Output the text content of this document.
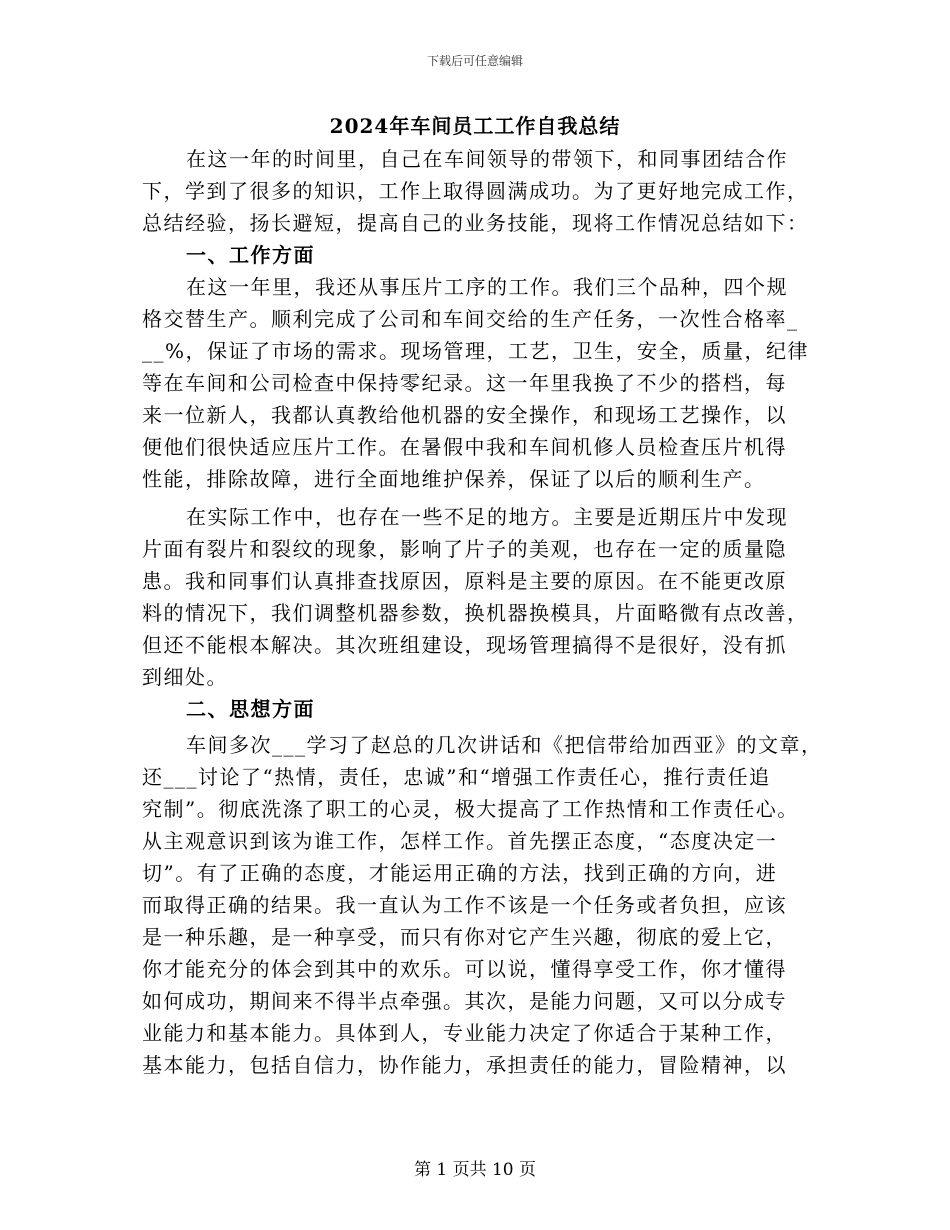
下载后可任意编辑
2024年车间员工工作自我总结
在这一年的时间里，自己在车间领导的带领下，和同事团结合作
下，学到了很多的知识，工作上取得圆满成功。为了更好地完成工作，
总结经验，扬长避短，提高自己的业务技能，现将工作情况总结如下：
一、工作方面
在这一年里，我还从事压片工序的工作。我们三个品种，四个规
格交替生产。顺利完成了公司和车间交给的生产任务，一次性合格率_
__%，保证了市场的需求。现场管理，工艺，卫生，安全，质量，纪律
等在车间和公司检查中保持零纪录。这一年里我换了不少的搭档，每
来一位新人，我都认真教给他机器的安全操作，和现场工艺操作，以
便他们很快适应压片工作。在暑假中我和车间机修人员检查压片机得
性能，排除故障，进行全面地维护保养，保证了以后的顺利生产。
在实际工作中，也存在一些不足的地方。主要是近期压片中发现
片面有裂片和裂纹的现象，影响了片子的美观，也存在一定的质量隐
患。我和同事们认真排查找原因，原料是主要的原因。在不能更改原
料的情况下，我们调整机器参数，换机器换模具，片面略微有点改善，
但还不能根本解决。其次班组建设，现场管理搞得不是很好，没有抓
到细处。
二、思想方面
车间多次___学习了赵总的几次讲话和《把信带给加西亚》的文章，
还___讨论了“热情，责任，忠诚”和“增强工作责任心，推行责任追
究制”。彻底洗涤了职工的心灵，极大提高了工作热情和工作责任心。
从主观意识到该为谁工作，怎样工作。首先摆正态度，“态度决定一
切”。有了正确的态度，才能运用正确的方法，找到正确的方向，进
而取得正确的结果。我一直认为工作不该是一个任务或者负担，应该
是一种乐趣，是一种享受，而只有你对它产生兴趣，彻底的爱上它，
你才能充分的体会到其中的欢乐。可以说，懂得享受工作，你才懂得
如何成功，期间来不得半点牵强。其次，是能力问题，又可以分成专
业能力和基本能力。具体到人，专业能力决定了你适合于某种工作，
基本能力，包括自信力，协作能力，承担责任的能力，冒险精神，以
第 1 页共 10 页
